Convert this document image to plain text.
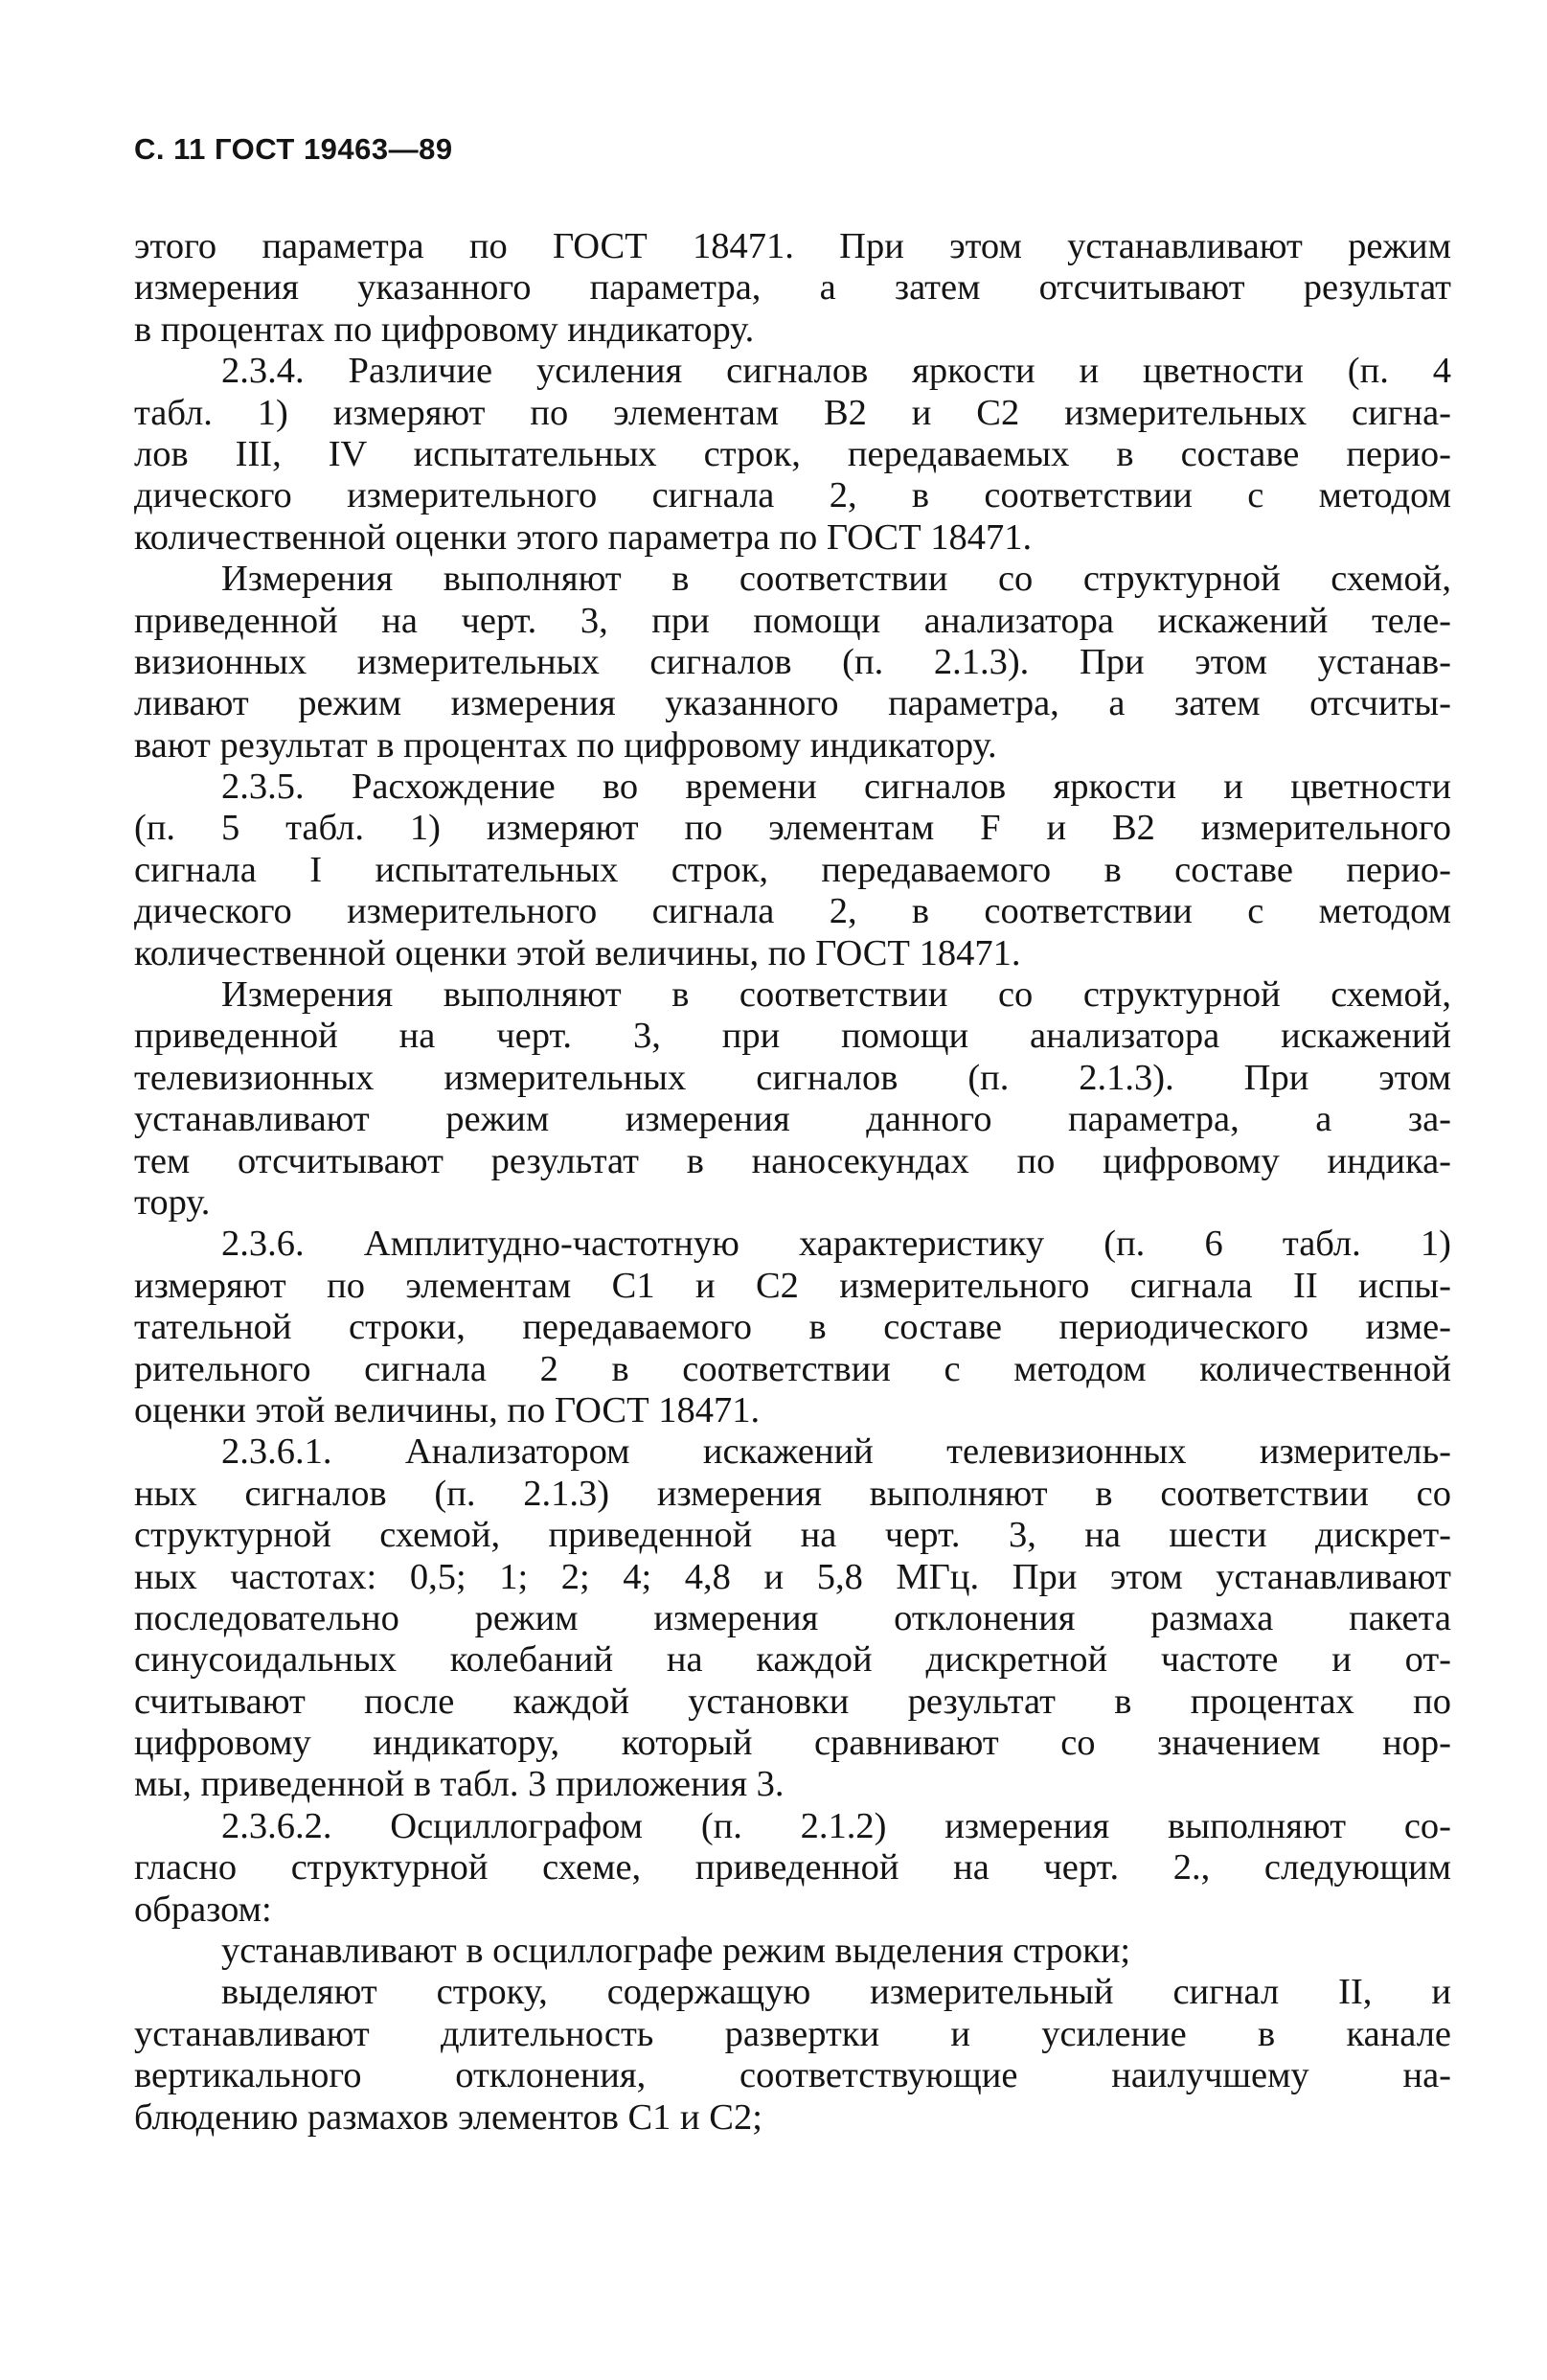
С. 11 ГОСТ 19463—89
этого параметра по ГОСТ 18471. При этом устанавливают режим
измерения указанного параметра, а затем отсчитывают результат
в процентах по цифровому индикатору.
2.3.4. Различие усиления сигналов яркости и цветности (п. 4
табл. 1) измеряют по элементам В2 и С2 измерительных сигна-
лов III, IV испытательных строк, передаваемых в составе перио-
дического измерительного сигнала 2, в соответствии с методом
количественной оценки этого параметра по ГОСТ 18471.
Измерения выполняют в соответствии со структурной схемой,
приведенной на черт. 3, при помощи анализатора искажений теле-
визионных измерительных сигналов (п. 2.1.3). При этом устанав-
ливают режим измерения указанного параметра, а затем отсчиты-
вают результат в процентах по цифровому индикатору.
2.3.5. Расхождение во времени сигналов яркости и цветности
(п. 5 табл. 1) измеряют по элементам F и В2 измерительного
сигнала I испытательных строк, передаваемого в составе перио-
дического измерительного сигнала 2, в соответствии с методом
количественной оценки этой величины, по ГОСТ 18471.
Измерения выполняют в соответствии со структурной схемой,
приведенной на черт. 3, при помощи анализатора искажений
телевизионных измерительных сигналов (п. 2.1.3). При этом
устанавливают режим измерения данного параметра, а за-
тем отсчитывают результат в наносекундах по цифровому индика-
тору.
2.3.6. Амплитудно-частотную характеристику (п. 6 табл. 1)
измеряют по элементам С1 и С2 измерительного сигнала II испы-
тательной строки, передаваемого в составе периодического изме-
рительного сигнала 2 в соответствии с методом количественной
оценки этой величины, по ГОСТ 18471.
2.3.6.1. Анализатором искажений телевизионных измеритель-
ных сигналов (п. 2.1.3) измерения выполняют в соответствии со
структурной схемой, приведенной на черт. 3, на шести дискрет-
ных частотах: 0,5; 1; 2; 4; 4,8 и 5,8 МГц. При этом устанавливают
последовательно режим измерения отклонения размаха пакета
синусоидальных колебаний на каждой дискретной частоте и от-
считывают после каждой установки результат в процентах по
цифровому индикатору, который сравнивают со значением нор-
мы, приведенной в табл. 3 приложения 3.
2.3.6.2. Осциллографом (п. 2.1.2) измерения выполняют со-
гласно структурной схеме, приведенной на черт. 2., следующим
образом:
устанавливают в осциллографе режим выделения строки;
выделяют строку, содержащую измерительный сигнал II, и
устанавливают длительность развертки и усиление в канале
вертикального отклонения, соответствующие наилучшему на-
блюдению размахов элементов С1 и С2;
